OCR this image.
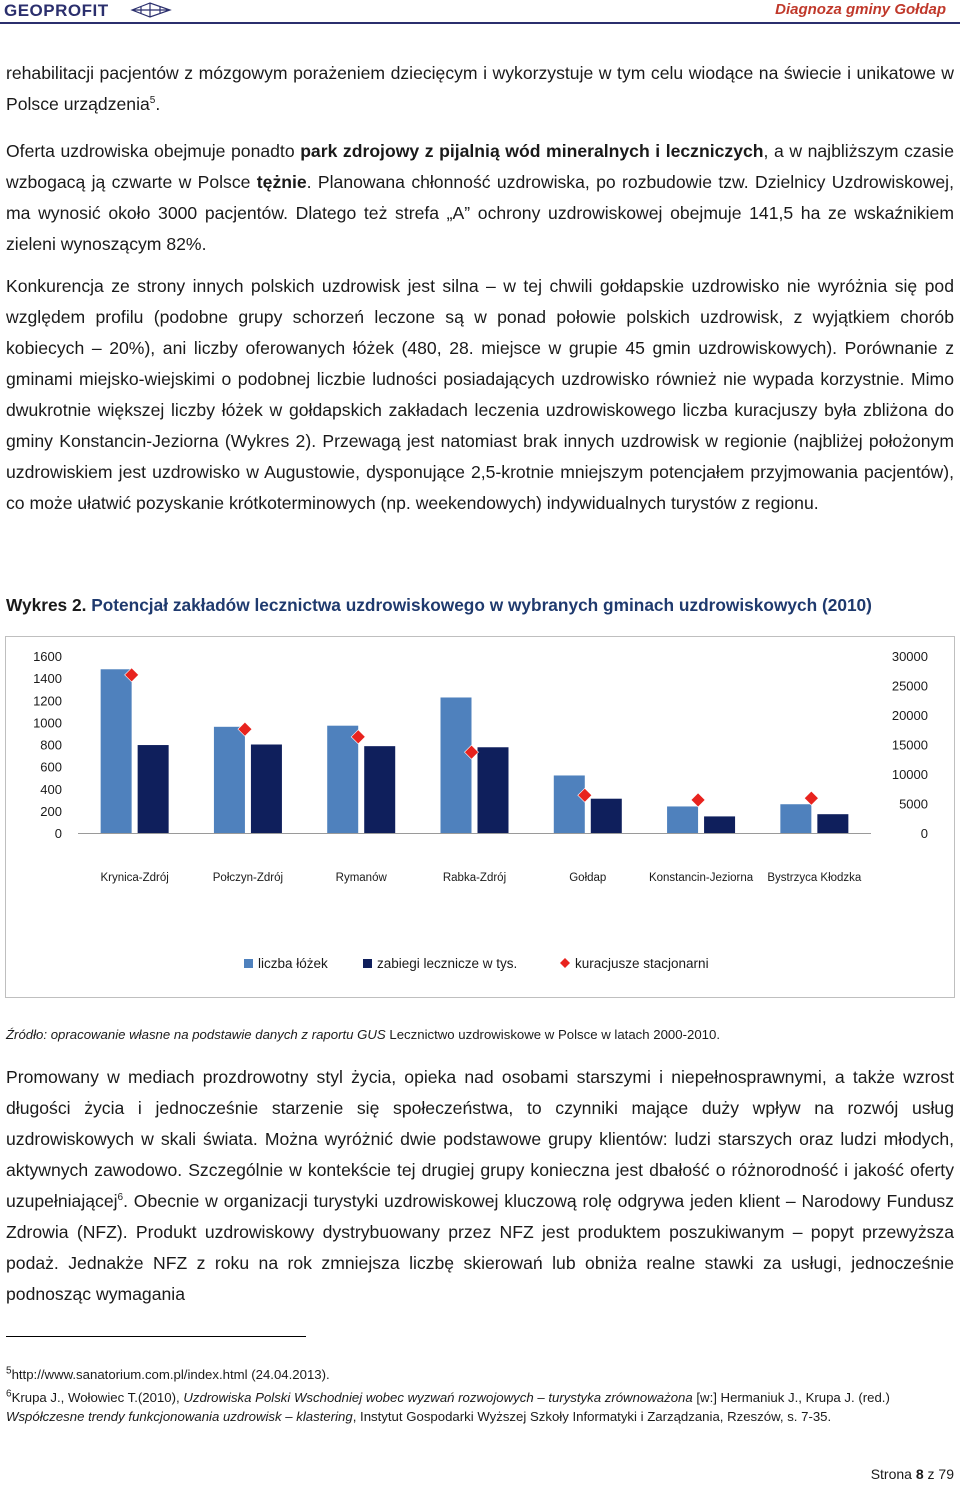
GEOPROFIT	Diagnoza gminy Gołdap
rehabilitacji pacjentów z mózgowym porażeniem dziecięcym i wykorzystuje w tym celu wiodące na świecie i unikatowe w Polsce urządzenia$^5$.
Oferta uzdrowiska obejmuje ponadto park zdrojowy z pijalnią wód mineralnych i leczniczych, a w najbliższym czasie wzbogacą ją czwarte w Polsce tężnie. Planowana chłonność uzdrowiska, po rozbudowie tzw. Dzielnicy Uzdrowiskowej, ma wynosić około 3000 pacjentów. Dlatego też strefa „A” ochrony uzdrowiskowej obejmuje 141,5 ha ze wskaźnikiem zieleni wynoszącym 82%.
Konkurencja ze strony innych polskich uzdrowisk jest silna – w tej chwili gołdapskie uzdrowisko nie wyróżnia się pod względem profilu (podobne grupy schorzeń leczone są w ponad połowie polskich uzdrowisk, z wyjątkiem chorób kobiecych – 20%), ani liczby oferowanych łóżek (480, 28. miejsce w grupie 45 gmin uzdrowiskowych). Porównanie z gminami miejsko-wiejskimi o podobnej liczbie ludności posiadających uzdrowisko również nie wypada korzystnie. Mimo dwukrotnie większej liczby łóżek w gołdapskich zakładach leczenia uzdrowiskowego liczba kuracjuszy była zbliżona do gminy Konstancin-Jeziorna (Wykres 2). Przewagą jest natomiast brak innych uzdrowisk w regionie (najbliżej położonym uzdrowiskiem jest uzdrowisko w Augustowie, dysponujące 2,5-krotnie mniejszym potencjałem przyjmowania pacjentów), co może ułatwić pozyskanie krótkoterminowych (np. weekendowych) indywidualnych turystów z regionu.
Wykres 2. Potencjał zakładów lecznictwa uzdrowiskowego w wybranych gminach uzdrowiskowych (2010)
0
200
400
600
800
1000
1200
1400
1600
0
5000
10000
15000
20000
25000
30000
Krynica-Zdrój	Połczyn-Zdrój	Rymanów	Rabka-Zdrój	Gołdap	Konstancin-Jeziorna Bystrzyca Kłodzka
liczba łóżek	zabiegi lecznicze w tys.	kuracjusze stacjonarni
Źródło: opracowanie własne na podstawie danych z raportu GUS Lecznictwo uzdrowiskowe w Polsce w latach 2000-2010.
Promowany w mediach prozdrowotny styl życia, opieka nad osobami starszymi i niepełnosprawnymi, a także wzrost długości życia i jednocześnie starzenie się społeczeństwa, to czynniki mające duży wpływ na rozwój usług uzdrowiskowych w skali świata. Można wyróżnić dwie podstawowe grupy klientów: ludzi starszych oraz ludzi młodych, aktywnych zawodowo. Szczególnie w kontekście tej drugiej grupy konieczna jest dbałość o różnorodność i jakość oferty uzupełniającej$^6$. Obecnie w organizacji turystyki uzdrowiskowej kluczową rolę odgrywa jeden klient – Narodowy Fundusz Zdrowia (NFZ). Produkt uzdrowiskowy dystrybuowany przez NFZ jest produktem poszukiwanym – popyt przewyższa podaż. Jednakże NFZ z roku na rok zmniejsza liczbę skierowań lub obniża realne stawki za usługi, jednocześnie podnosząc wymagania
$^5$http://www.sanatorium.com.pl/index.html (24.04.2013).
$^6$Krupa J., Wołowiec T.(2010), Uzdrowiska Polski Wschodniej wobec wyzwań rozwojowych – turystyka zrównoważona [w:] Hermaniuk J., Krupa J. (red.) Współczesne trendy funkcjonowania uzdrowisk – klastering, Instytut Gospodarki Wyższej Szkoły Informatyki i Zarządzania, Rzeszów, s. 7-35.
Strona 8 z 79
